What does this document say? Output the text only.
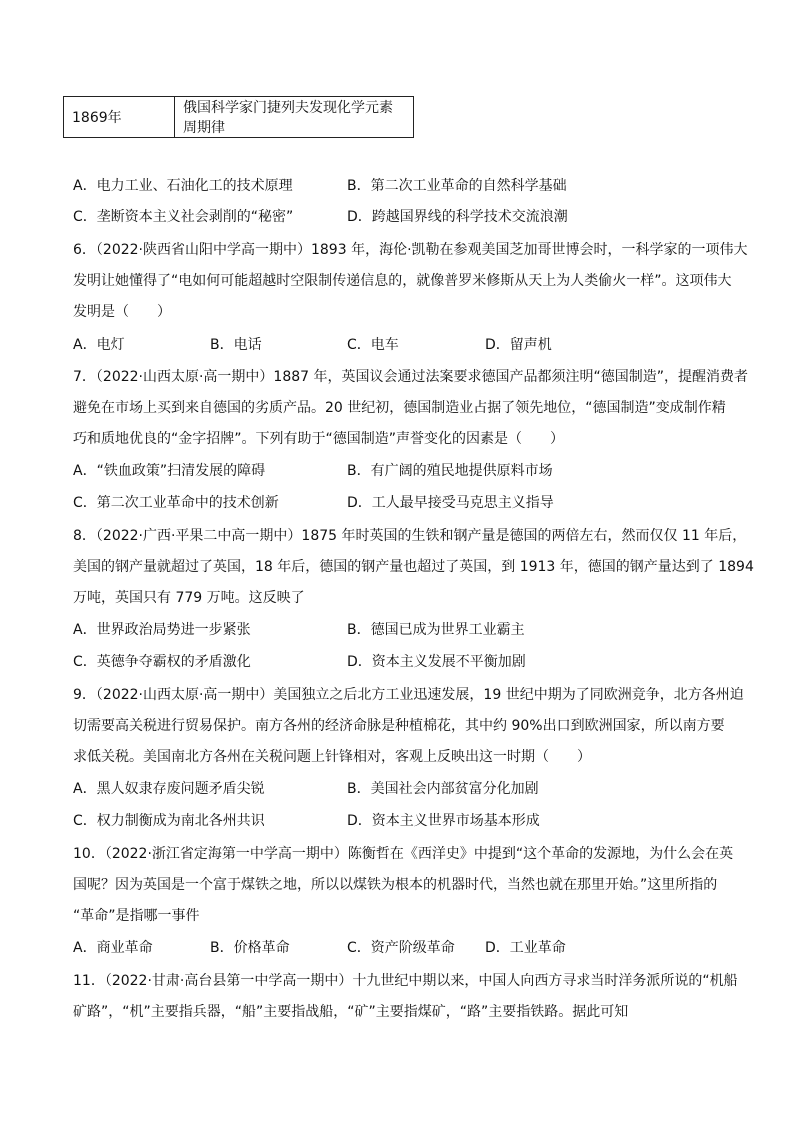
1869年	俄国科学家门捷列夫发现化学元素周期律
A．电力工业、石油化工的技术原理	B．第二次工业革命的自然科学基础
C．垄断资本主义社会剥削的“秘密”	D．跨越国界线的科学技术交流浪潮
6．（2022·陕西省山阳中学高一期中）1893 年，海伦·凯勒在参观美国芝加哥世博会时，一科学家的一项伟大
发明让她懂得了“电如何可能超越时空限制传递信息的，就像普罗米修斯从天上为人类偷火一样”。这项伟大
发明是（　　）
A．电灯	B．电话	C．电车	D．留声机
7．（2022·山西太原·高一期中）1887 年，英国议会通过法案要求德国产品都须注明“德国制造”，提醒消费者
避免在市场上买到来自德国的劣质产品。20 世纪初，德国制造业占据了领先地位，“德国制造”变成制作精
巧和质地优良的“金字招牌”。下列有助于“德国制造”声誉变化的因素是（　　）
A．“铁血政策”扫清发展的障碍	B．有广阔的殖民地提供原料市场
C．第二次工业革命中的技术创新	D．工人最早接受马克思主义指导
8．（2022·广西·平果二中高一期中）1875 年时英国的生铁和钢产量是德国的两倍左右，然而仅仅 11 年后，
美国的钢产量就超过了英国，18 年后，德国的钢产量也超过了英国，到 1913 年，德国的钢产量达到了 1894
万吨，英国只有 779 万吨。这反映了
A．世界政治局势进一步紧张	B．德国已成为世界工业霸主
C．英德争夺霸权的矛盾激化	D．资本主义发展不平衡加剧
9．（2022·山西太原·高一期中）美国独立之后北方工业迅速发展，19 世纪中期为了同欧洲竞争，北方各州迫
切需要高关税进行贸易保护。南方各州的经济命脉是种植棉花，其中约 90%出口到欧洲国家，所以南方要
求低关税。美国南北方各州在关税问题上针锋相对，客观上反映出这一时期（　　）
A．黑人奴隶存废问题矛盾尖锐	B．美国社会内部贫富分化加剧
C．权力制衡成为南北各州共识	D．资本主义世界市场基本形成
10．（2022·浙江省定海第一中学高一期中）陈衡哲在《西洋史》中提到“这个革命的发源地，为什么会在英
国呢？因为英国是一个富于煤铁之地，所以以煤铁为根本的机器时代，当然也就在那里开始。”这里所指的
“革命”是指哪一事件
A．商业革命	B．价格革命	C．资产阶级革命 D．工业革命
11．（2022·甘肃·高台县第一中学高一期中）十九世纪中期以来，中国人向西方寻求当时洋务派所说的“机船
矿路”，“机”主要指兵器，“船”主要指战船，“矿”主要指煤矿，“路”主要指铁路。据此可知
